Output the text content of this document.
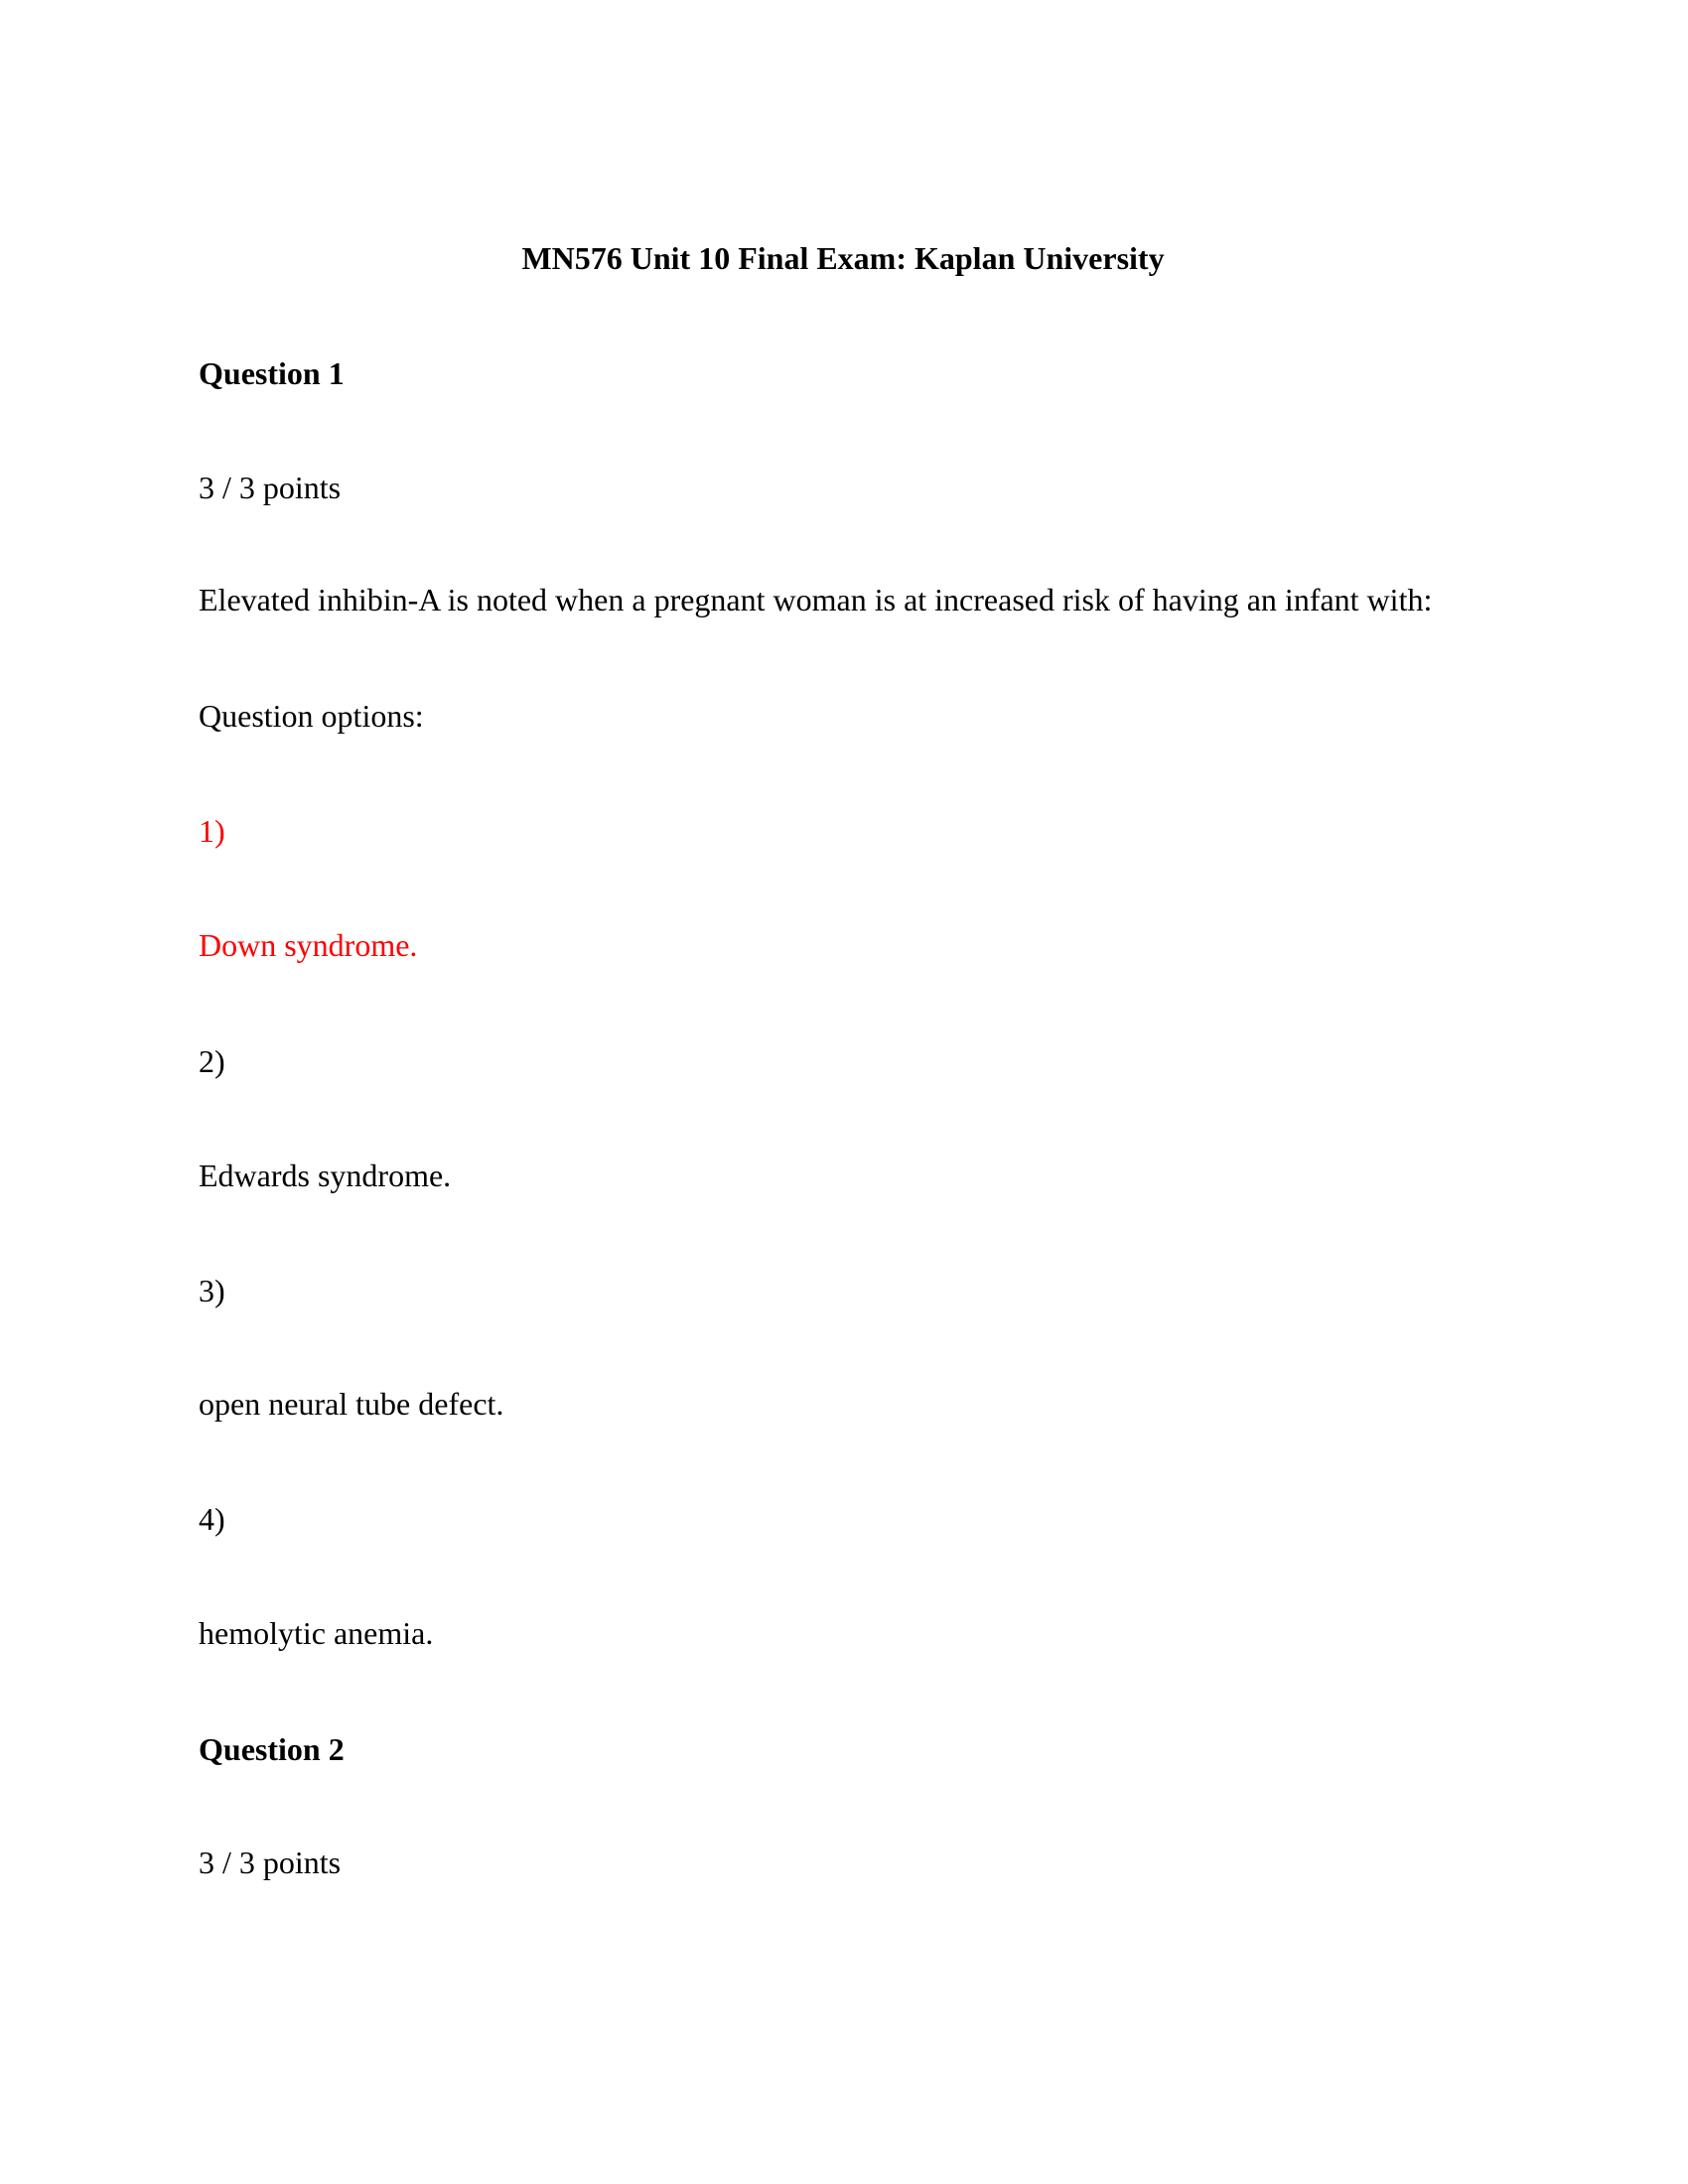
MN576 Unit 10 Final Exam: Kaplan University
Question 1
3 / 3 points
Elevated inhibin-A is noted when a pregnant woman is at increased risk of having an infant with:
Question options:
1)
Down syndrome.
2)
Edwards syndrome.
3)
open neural tube defect.
4)
hemolytic anemia.
Question 2
3 / 3 points
